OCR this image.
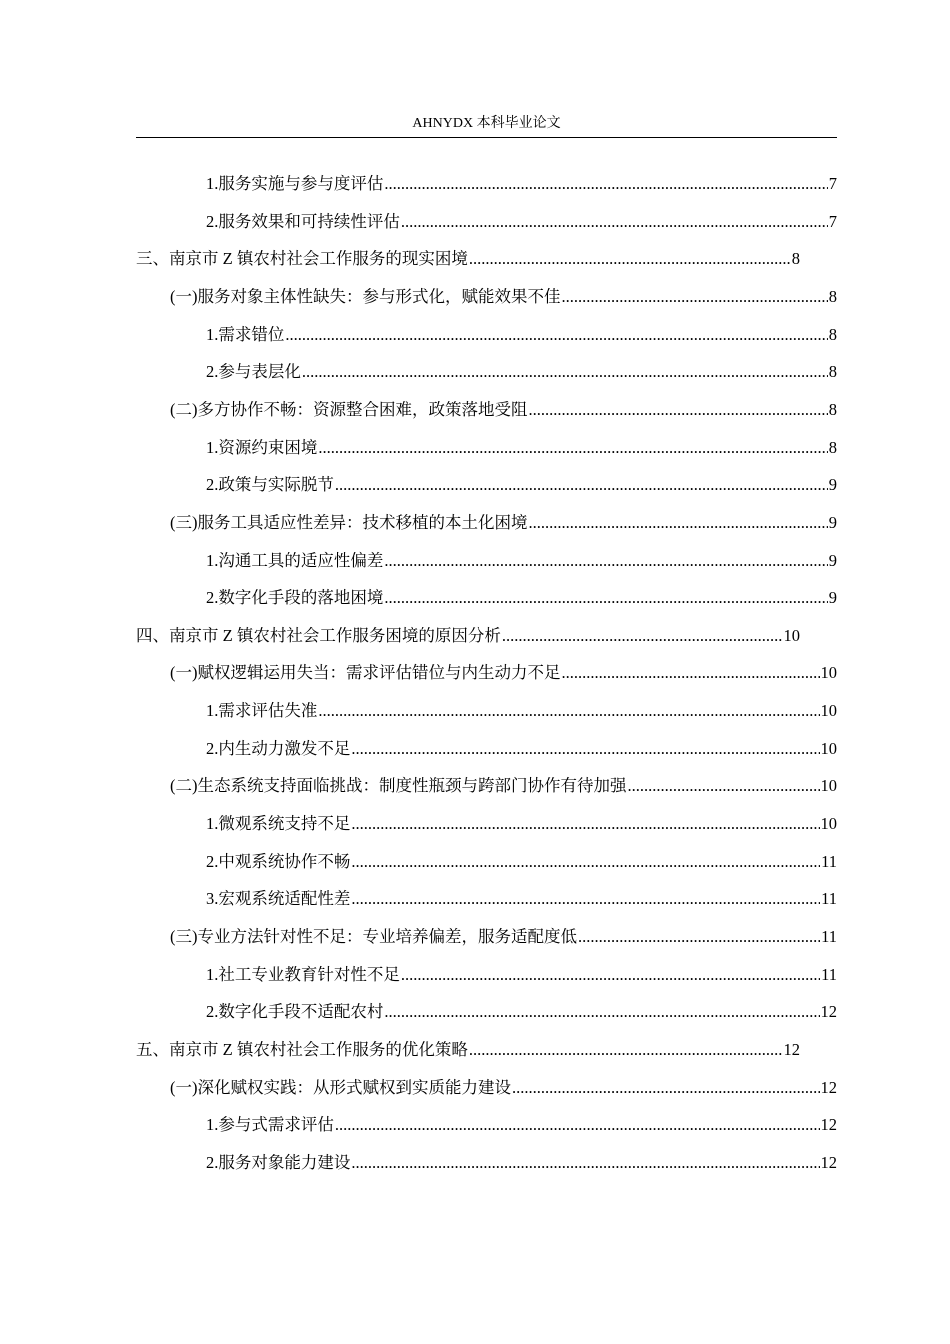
AHNYDX 本科毕业论文
1.服务实施与参与度评估 .....	7
2.服务效果和可持续性评估 .....	7
三、南京市 Z 镇农村社会工作服务的现实困境 .....	8
(一)服务对象主体性缺失：参与形式化，赋能效果不佳 .....	8
1.需求错位 .....	8
2.参与表层化 .....	8
(二)多方协作不畅：资源整合困难，政策落地受阻 .....	8
1.资源约束困境 .....	8
2.政策与实际脱节 .....	9
(三)服务工具适应性差异：技术移植的本土化困境 .....	9
1.沟通工具的适应性偏差 .....	9
2.数字化手段的落地困境 .....	9
四、南京市 Z 镇农村社会工作服务困境的原因分析 .....	10
(一)赋权逻辑运用失当：需求评估错位与内生动力不足 .....	10
1.需求评估失准 .....	10
2.内生动力激发不足 .....	10
(二)生态系统支持面临挑战：制度性瓶颈与跨部门协作有待加强 .....	10
1.微观系统支持不足 .....	10
2.中观系统协作不畅 .....	11
3.宏观系统适配性差 .....	11
(三)专业方法针对性不足：专业培养偏差，服务适配度低 .....	11
1.社工专业教育针对性不足 .....	11
2.数字化手段不适配农村 .....	12
五、南京市 Z 镇农村社会工作服务的优化策略 .....	12
(一)深化赋权实践：从形式赋权到实质能力建设 .....	12
1.参与式需求评估 .....	12
2.服务对象能力建设 .....	12
